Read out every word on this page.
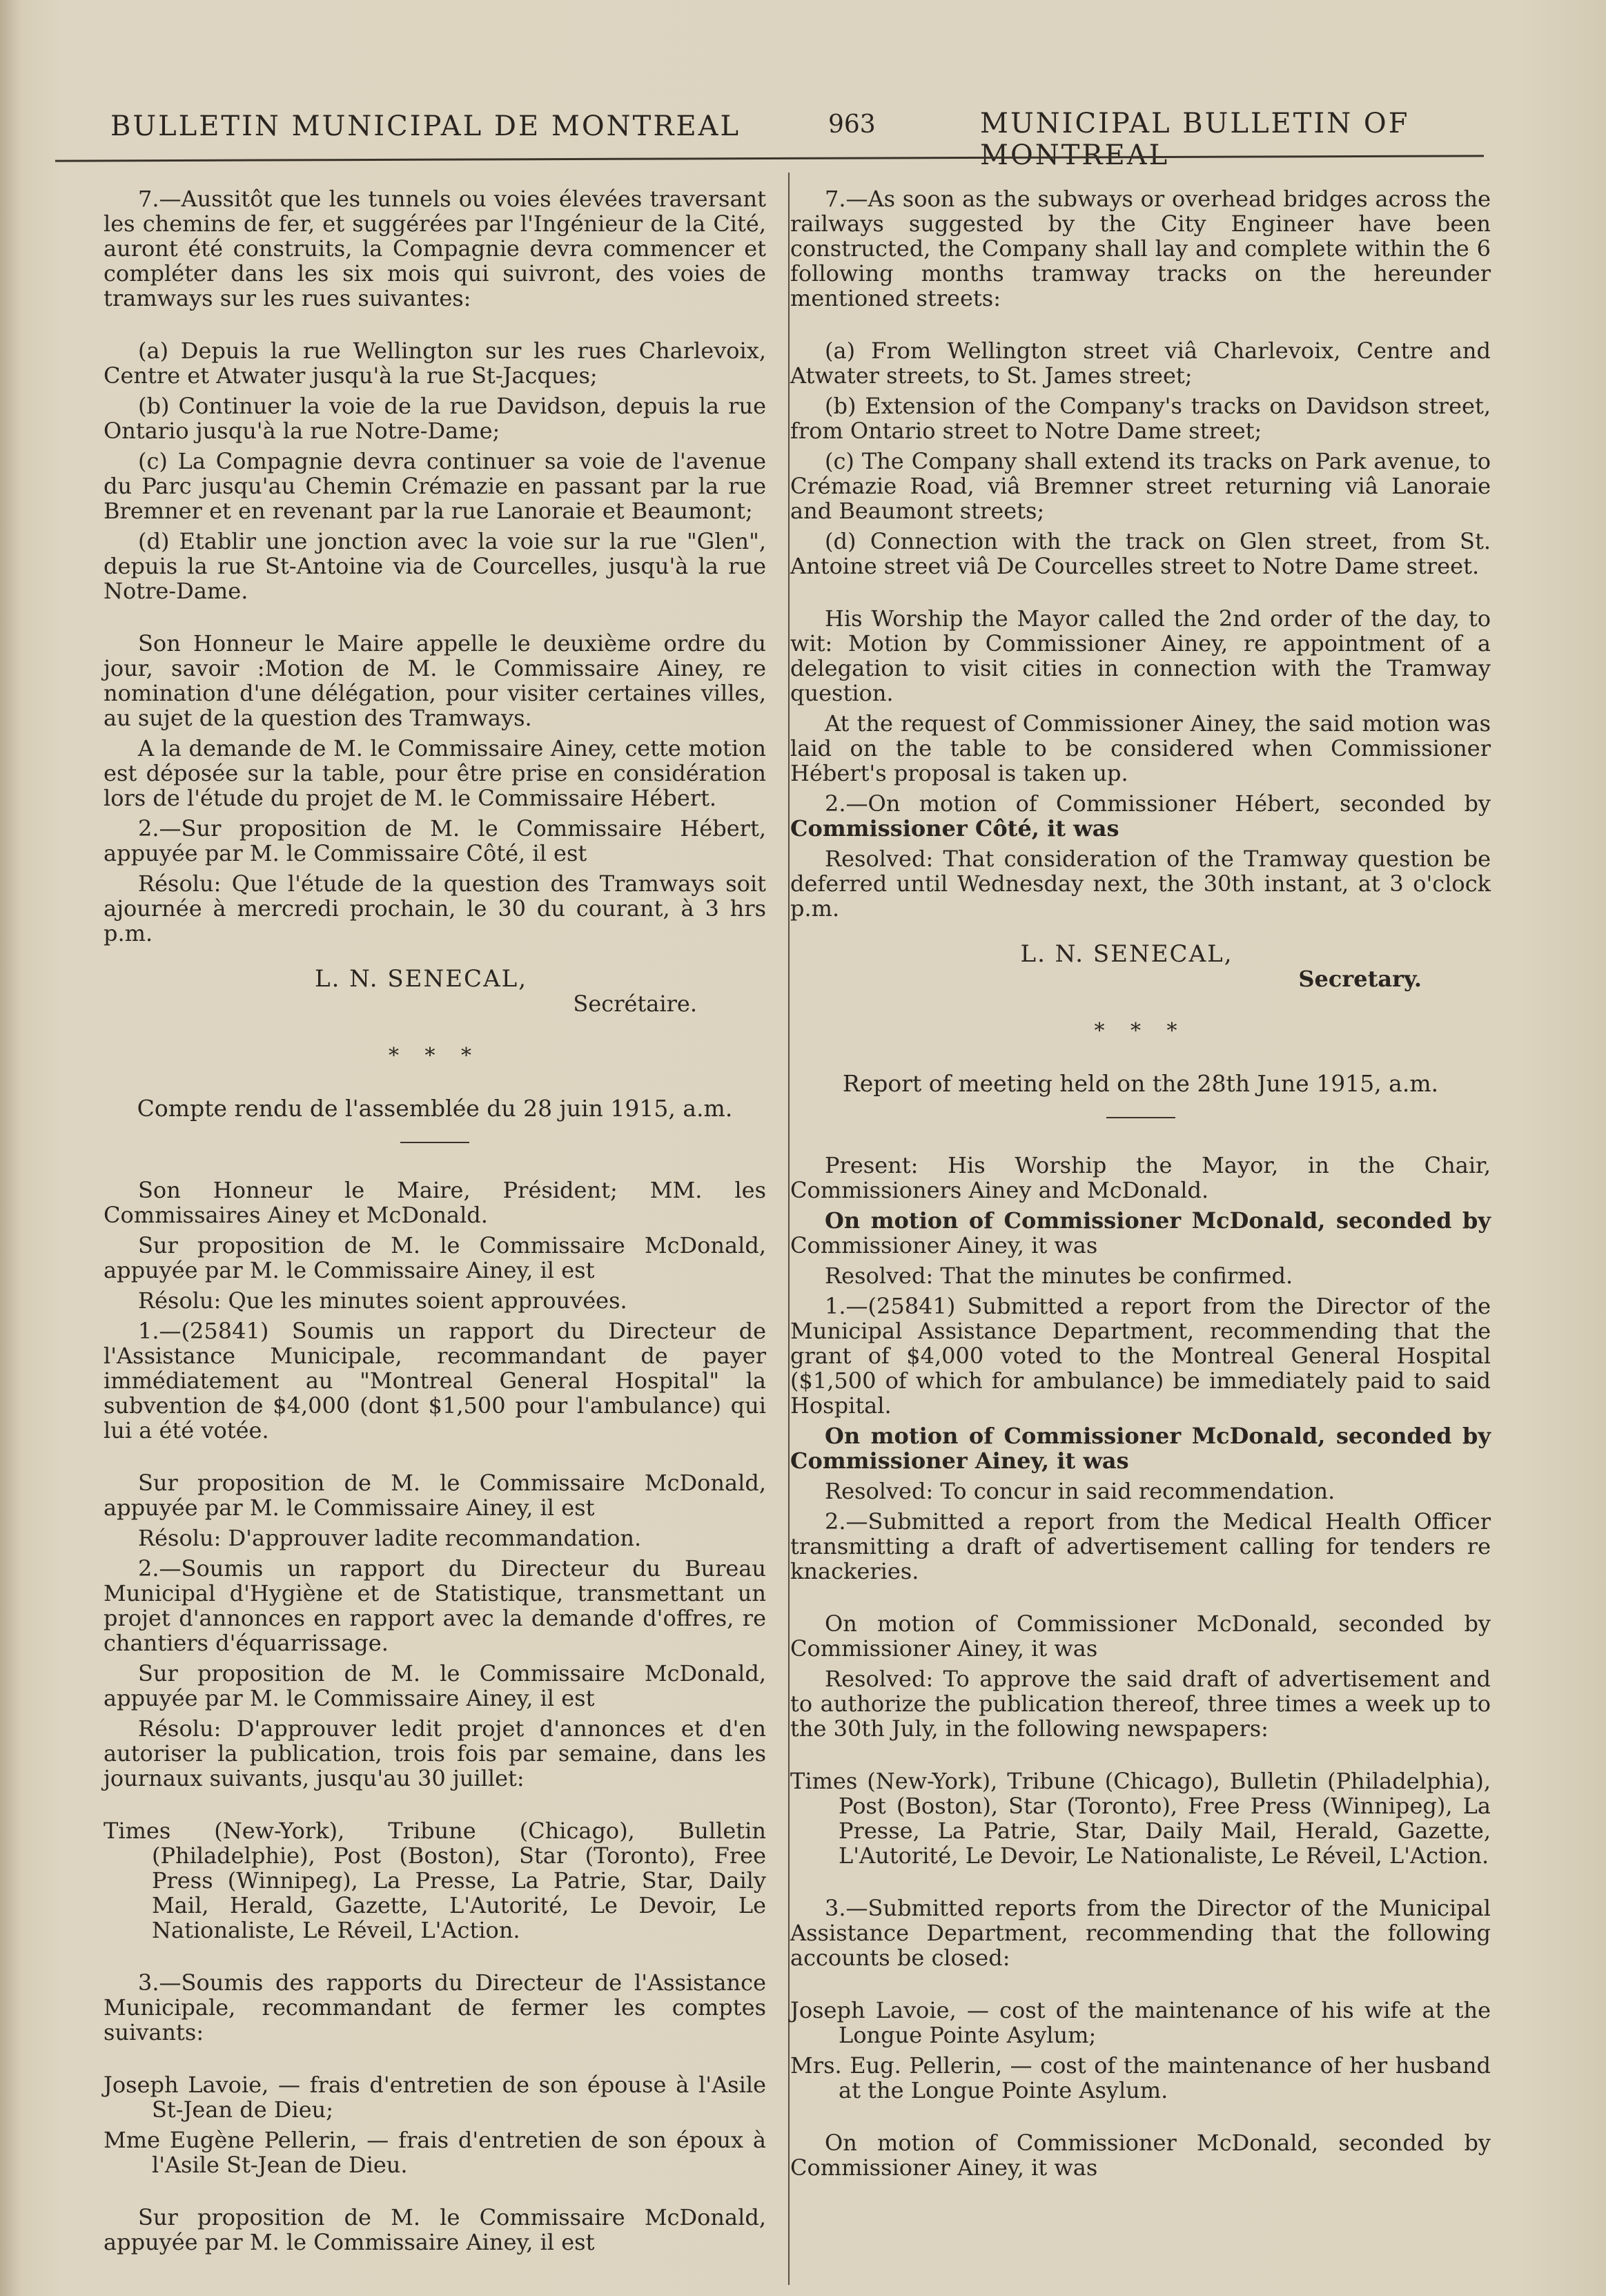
BULLETIN MUNICIPAL DE MONTREAL	963	MUNICIPAL BULLETIN OF MONTREAL

7.—Aussitôt que les tunnels ou voies élevées traversant les chemins de fer, et suggérées par l'Ingénieur de la Cité, auront été construits, la Compagnie devra commencer et compléter dans les six mois qui suivront, des voies de tramways sur les rues suivantes:

(a) Depuis la rue Wellington sur les rues Charlevoix, Centre et Atwater jusqu'à la rue St-Jacques;

(b) Continuer la voie de la rue Davidson, depuis la rue Ontario jusqu'à la rue Notre-Dame;

(c) La Compagnie devra continuer sa voie de l'avenue du Parc jusqu'au Chemin Crémazie en passant par la rue Bremner et en revenant par la rue Lanoraie et Beaumont;

(d) Etablir une jonction avec la voie sur la rue "Glen", depuis la rue St-Antoine via de Courcelles, jusqu'à la rue Notre-Dame.

Son Honneur le Maire appelle le deuxième ordre du jour, savoir :Motion de M. le Commissaire Ainey, re nomination d'une délégation, pour visiter certaines villes, au sujet de la question des Tramways.

A la demande de M. le Commissaire Ainey, cette motion est déposée sur la table, pour être prise en considération lors de l'étude du projet de M. le Commissaire Hébert.

2.—Sur proposition de M. le Commissaire Hébert, appuyée par M. le Commissaire Côté, il est

Résolu: Que l'étude de la question des Tramways soit ajournée à mercredi prochain, le 30 du courant, à 3 hrs p.m.

L. N. SENECAL,
Secrétaire.
* * *
Compte rendu de l'assemblée du 28 juin 1915, a.m.

Son Honneur le Maire, Président; MM. les Commissaires Ainey et McDonald.

Sur proposition de M. le Commissaire McDonald, appuyée par M. le Commissaire Ainey, il est

Résolu: Que les minutes soient approuvées.

1.—(25841) Soumis un rapport du Directeur de l'Assistance Municipale, recommandant de payer immédiatement au "Montreal General Hospital" la subvention de $4,000 (dont $1,500 pour l'ambulance) qui lui a été votée.

Sur proposition de M. le Commissaire McDonald, appuyée par M. le Commissaire Ainey, il est

Résolu: D'approuver ladite recommandation.

2.—Soumis un rapport du Directeur du Bureau Municipal d'Hygiène et de Statistique, transmettant un projet d'annonces en rapport avec la demande d'offres, re chantiers d'équarrissage.

Sur proposition de M. le Commissaire McDonald, appuyée par M. le Commissaire Ainey, il est

Résolu: D'approuver ledit projet d'annonces et d'en autoriser la publication, trois fois par semaine, dans les journaux suivants, jusqu'au 30 juillet:

Times (New-York), Tribune (Chicago), Bulletin (Philadelphie), Post (Boston), Star (Toronto), Free Press (Winnipeg), La Presse, La Patrie, Star, Daily Mail, Herald, Gazette, L'Autorité, Le Devoir, Le Nationaliste, Le Réveil, L'Action.

3.—Soumis des rapports du Directeur de l'Assistance Municipale, recommandant de fermer les comptes suivants:

Joseph Lavoie, — frais d'entretien de son épouse à l'Asile St-Jean de Dieu;

Mme Eugène Pellerin, — frais d'entretien de son époux à l'Asile St-Jean de Dieu.

Sur proposition de M. le Commissaire McDonald, appuyée par M. le Commissaire Ainey, il est

7.—As soon as the subways or overhead bridges across the railways suggested by the City Engineer have been constructed, the Company shall lay and complete within the 6 following months tramway tracks on the hereunder mentioned streets:

(a) From Wellington street viâ Charlevoix, Centre and Atwater streets, to St. James street;

(b) Extension of the Company's tracks on Davidson street, from Ontario street to Notre Dame street;

(c) The Company shall extend its tracks on Park avenue, to Crémazie Road, viâ Bremner street returning viâ Lanoraie and Beaumont streets;

(d) Connection with the track on Glen street, from St. Antoine street viâ De Courcelles street to Notre Dame street.

His Worship the Mayor called the 2nd order of the day, to wit: Motion by Commissioner Ainey, re appointment of a delegation to visit cities in connection with the Tramway question.

At the request of Commissioner Ainey, the said motion was laid on the table to be considered when Commissioner Hébert's proposal is taken up.

2.—On motion of Commissioner Hébert, seconded by Commissioner Côté, it was

Resolved: That consideration of the Tramway question be deferred until Wednesday next, the 30th instant, at 3 o'clock p.m.

L. N. SENECAL,
Secretary.
* * *
Report of meeting held on the 28th June 1915, a.m.

Present: His Worship the Mayor, in the Chair, Commissioners Ainey and McDonald.

On motion of Commissioner McDonald, seconded by Commissioner Ainey, it was

Resolved: That the minutes be confirmed.

1.—(25841) Submitted a report from the Director of the Municipal Assistance Department, recommending that the grant of $4,000 voted to the Montreal General Hospital ($1,500 of which for ambulance) be immediately paid to said Hospital.

On motion of Commissioner McDonald, seconded by Commissioner Ainey, it was

Resolved: To concur in said recommendation.

2.—Submitted a report from the Medical Health Officer transmitting a draft of advertisement calling for tenders re knackeries.

On motion of Commissioner McDonald, seconded by Commissioner Ainey, it was

Resolved: To approve the said draft of advertisement and to authorize the publication thereof, three times a week up to the 30th July, in the following newspapers:

Times (New-York), Tribune (Chicago), Bulletin (Philadelphia), Post (Boston), Star (Toronto), Free Press (Winnipeg), La Presse, La Patrie, Star, Daily Mail, Herald, Gazette, L'Autorité, Le Devoir, Le Nationaliste, Le Réveil, L'Action.

3.—Submitted reports from the Director of the Municipal Assistance Department, recommending that the following accounts be closed:

Joseph Lavoie, — cost of the maintenance of his wife at the Longue Pointe Asylum;

Mrs. Eug. Pellerin, — cost of the maintenance of her husband at the Longue Pointe Asylum.

On motion of Commissioner McDonald, seconded by Commissioner Ainey, it was
